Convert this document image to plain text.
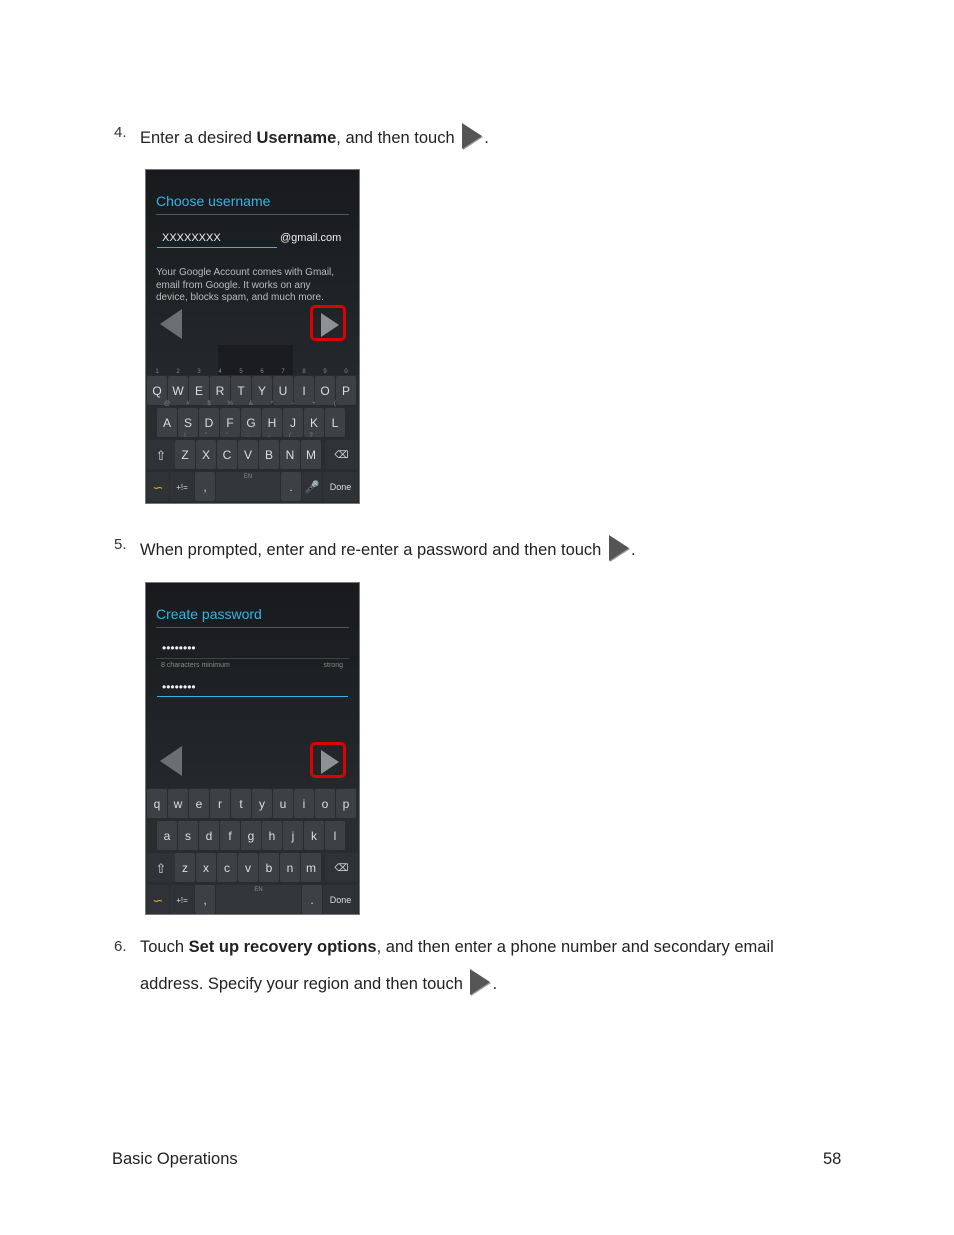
4. Enter a desired Username, and then touch .
Choose username
XXXXXXXX	@gmail.com
Your Google Account comes with Gmail,
email from Google. It works on any
device, blocks spam, and much more.
1
Q
2
W
3
E
4
R
5
T
6
Y
7
U
8
I
9
O
0
P
@
A
#
S
$
D
%
F
&
G
*
H
-
J
+
K
(
L
⇧
!
Z
"
X
'
C
:
V
;
B
/
N
?
M	⌫
∽	+!=	,
EN
. 🎤	Done
5. When prompted, enter and re-enter a password and then touch .
Create password
••••••••
8 characters minimum	strong
••••••••
q	w	e	r	t	y	u	i	o	p
a	s	d	f	g	h	j	k	l
⇧	z	x	c	v	b	n	m	⌫
∽	+!=	,
EN
.	Done
6. Touch Set up recovery options, and then enter a phone number and secondary email
address. Specify your region and then touch .
Basic Operations	58
